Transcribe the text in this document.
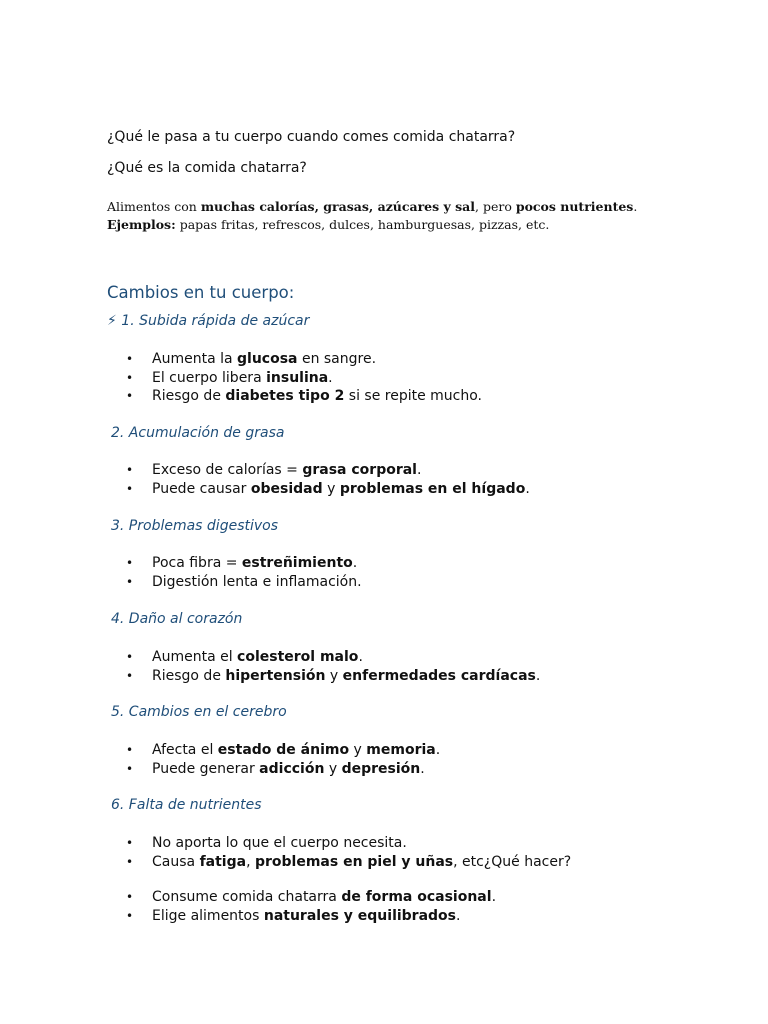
¿Qué le pasa a tu cuerpo cuando comes comida chatarra?
¿Qué es la comida chatarra?
Alimentos con muchas calorías, grasas, azúcares y sal, pero pocos nutrientes.
Ejemplos: papas fritas, refrescos, dulces, hamburguesas, pizzas, etc.
Cambios en tu cuerpo:
⚡ 1. Subida rápida de azúcar
• Aumenta la glucosa en sangre.
• El cuerpo libera insulina.
• Riesgo de diabetes tipo 2 si se repite mucho.
2. Acumulación de grasa
• Exceso de calorías = grasa corporal.
• Puede causar obesidad y problemas en el hígado.
3. Problemas digestivos
• Poca fibra = estreñimiento.
• Digestión lenta e inflamación.
4. Daño al corazón
• Aumenta el colesterol malo.
• Riesgo de hipertensión y enfermedades cardíacas.
5. Cambios en el cerebro
• Afecta el estado de ánimo y memoria.
• Puede generar adicción y depresión.
6. Falta de nutrientes
• No aporta lo que el cuerpo necesita.
• Causa fatiga, problemas en piel y uñas, etc¿Qué hacer?
• Consume comida chatarra de forma ocasional.
• Elige alimentos naturales y equilibrados.
